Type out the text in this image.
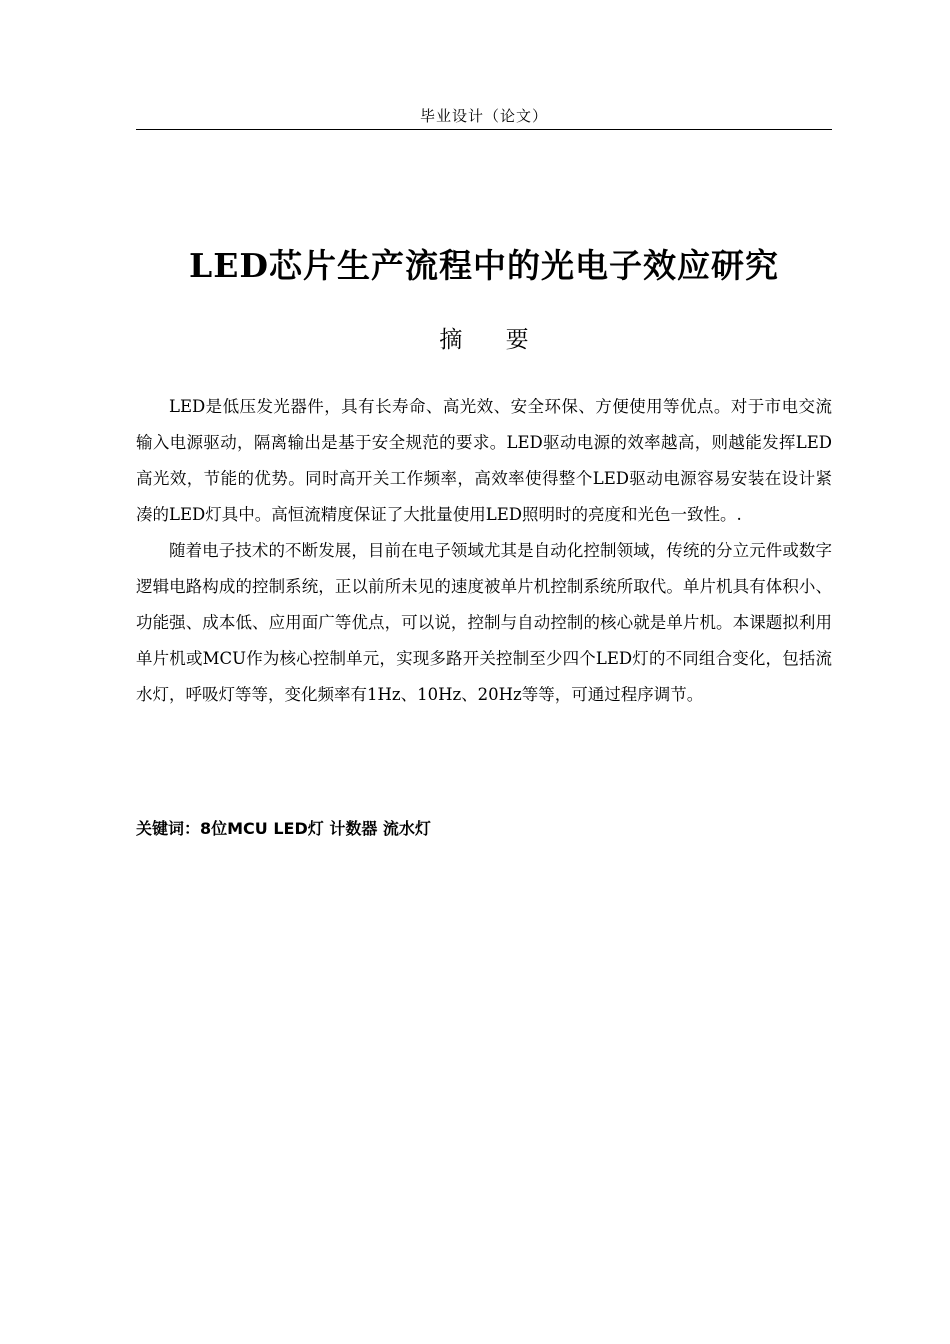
毕业设计（论文）
LED芯片生产流程中的光电子效应研究
摘 要

LED是低压发光器件，具有长寿命、高光效、安全环保、方便使用等优点。对于市电交流输入电源驱动，隔离输出是基于安全规范的要求。LED驱动电源的效率越高，则越能发挥LED高光效，节能的优势。同时高开关工作频率，高效率使得整个LED驱动电源容易安装在设计紧凑的LED灯具中。高恒流精度保证了大批量使用LED照明时的亮度和光色一致性。.

随着电子技术的不断发展，目前在电子领域尤其是自动化控制领域，传统的分立元件或数字逻辑电路构成的控制系统，正以前所未见的速度被单片机控制系统所取代。单片机具有体积小、功能强、成本低、应用面广等优点，可以说，控制与自动控制的核心就是单片机。本课题拟利用单片机或MCU作为核心控制单元，实现多路开关控制至少四个LED灯的不同组合变化，包括流水灯，呼吸灯等等，变化频率有1Hz、10Hz、20Hz等等，可通过程序调节。

关键词：8位MCU LED灯 计数器 流水灯
